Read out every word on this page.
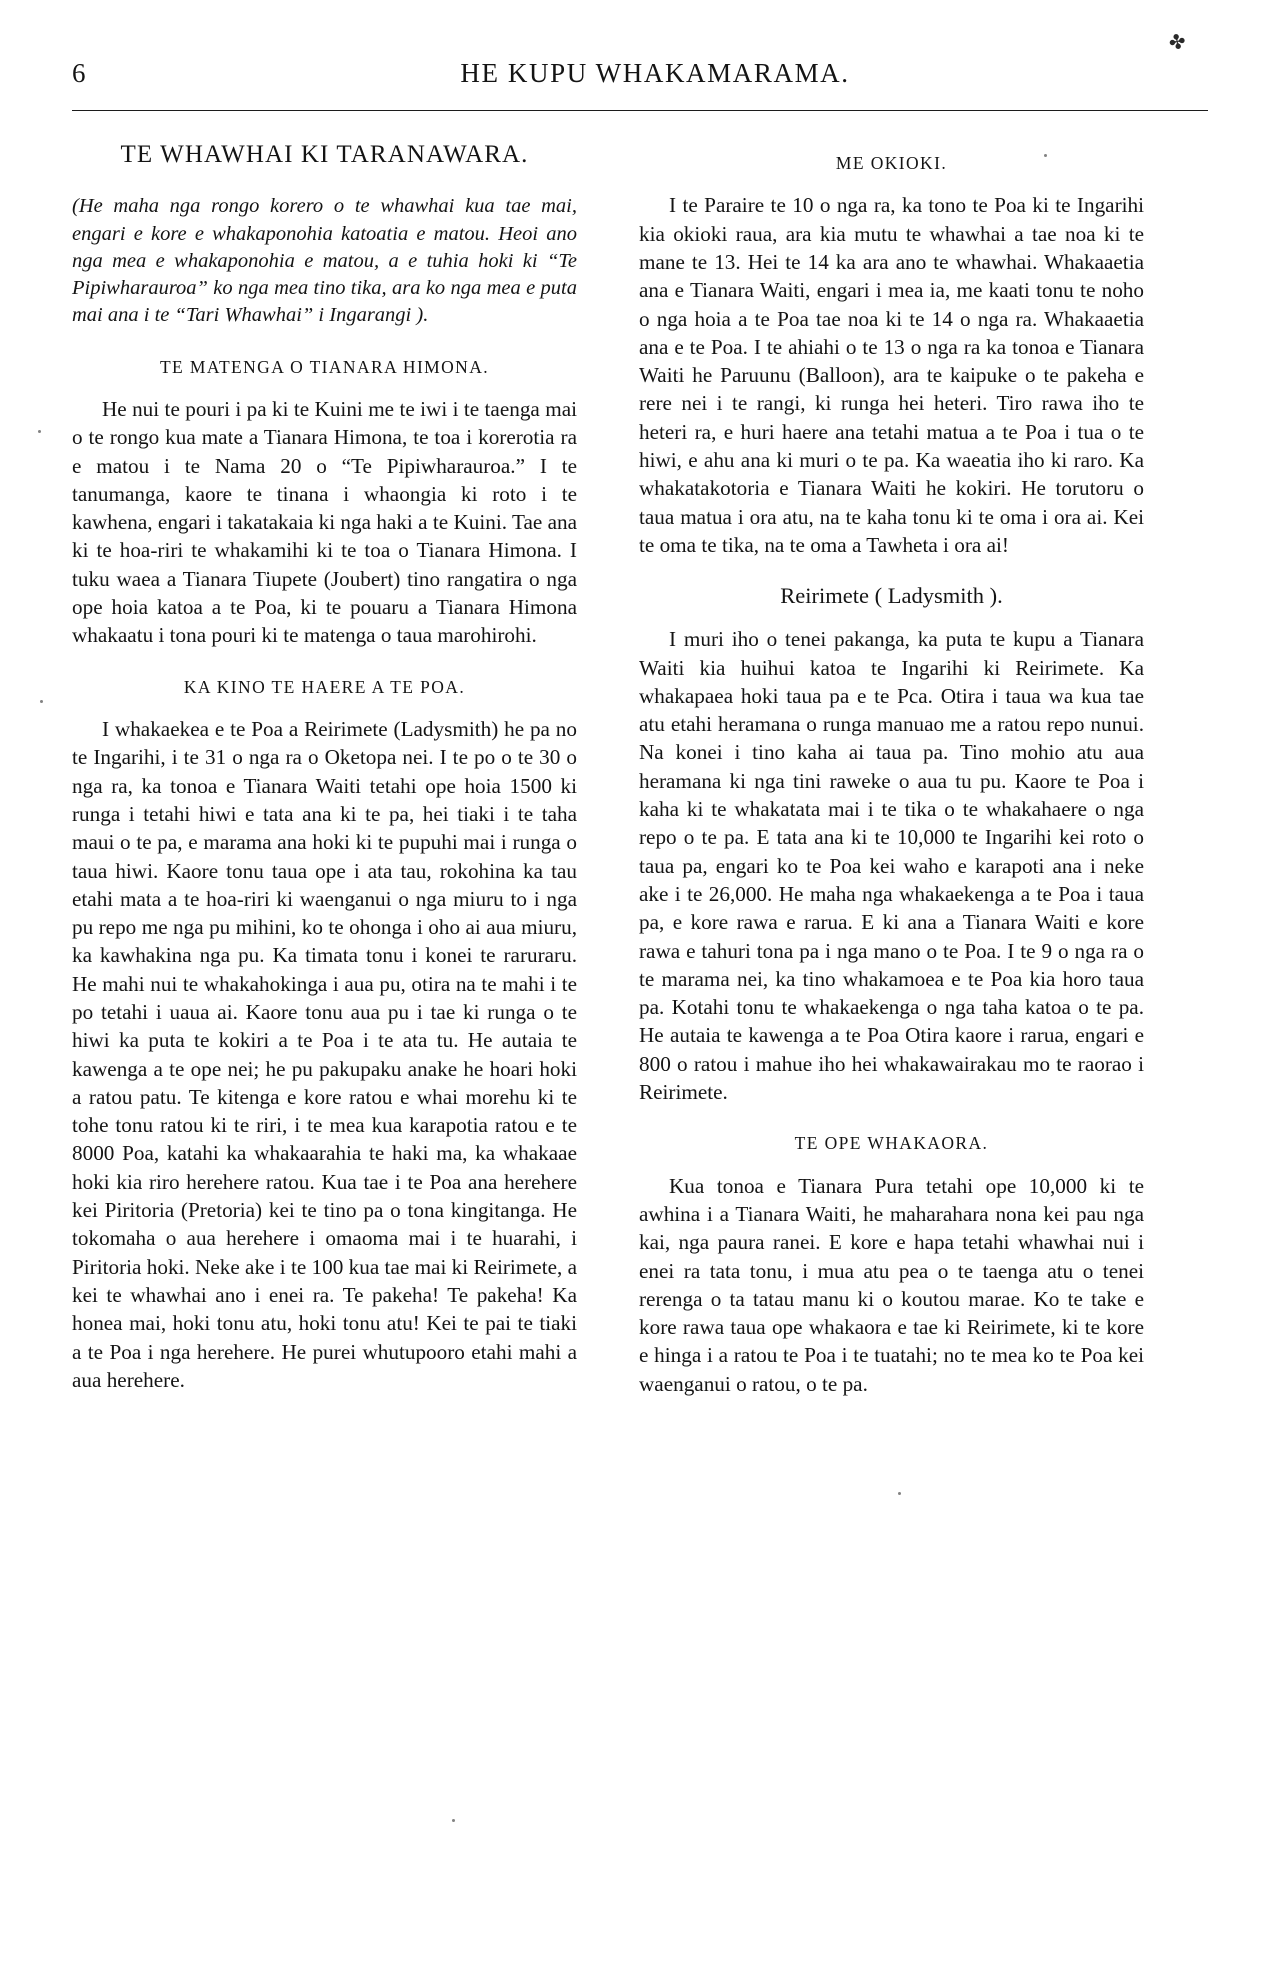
✤
6	HE KUPU WHAKAMARAMA.
TE WHAWHAI KI TARANAWARA.

(He maha nga rongo korero o te whawhai kua tae mai, engari e kore e whakaponohia katoatia e matou. Heoi ano nga mea e whakaponohia e matou, a e tuhia hoki ki “Te Pipiwharauroa” ko nga mea tino tika, ara ko nga mea e puta mai ana i te “Tari Whawhai” i Ingarangi ).

TE MATENGA O TIANARA HIMONA.

He nui te pouri i pa ki te Kuini me te iwi i te taenga mai o te rongo kua mate a Tianara Himona, te toa i korerotia ra e matou i te Nama 20 o “Te Pipiwharauroa.” I te tanumanga, kaore te tinana i whaongia ki roto i te kawhena, engari i takatakaia ki nga haki a te Kuini. Tae ana ki te hoa-riri te whakamihi ki te toa o Tianara Himona. I tuku waea a Tianara Tiupete (Joubert) tino rangatira o nga ope hoia katoa a te Poa, ki te pouaru a Tianara Himona whakaatu i tona pouri ki te matenga o taua marohirohi.

KA KINO TE HAERE A TE POA.

I whakaekea e te Poa a Reirimete (Ladysmith) he pa no te Ingarihi, i te 31 o nga ra o Oketopa nei. I te po o te 30 o nga ra, ka tonoa e Tianara Waiti tetahi ope hoia 1500 ki runga i tetahi hiwi e tata ana ki te pa, hei tiaki i te taha maui o te pa, e marama ana hoki ki te pupuhi mai i runga o taua hiwi. Kaore tonu taua ope i ata tau, rokohina ka tau etahi mata a te hoa-riri ki waenganui o nga miuru to i nga pu repo me nga pu mihini, ko te ohonga i oho ai aua miuru, ka kawhakina nga pu. Ka timata tonu i konei te raruraru. He mahi nui te whakahokinga i aua pu, otira na te mahi i te po tetahi i uaua ai. Kaore tonu aua pu i tae ki runga o te hiwi ka puta te kokiri a te Poa i te ata tu. He autaia te kawenga a te ope nei; he pu pakupaku anake he hoari hoki a ratou patu. Te kitenga e kore ratou e whai morehu ki te tohe tonu ratou ki te riri, i te mea kua karapotia ratou e te 8000 Poa, katahi ka whakaarahia te haki ma, ka whakaae hoki kia riro herehere ratou. Kua tae i te Poa ana herehere kei Piritoria (Pretoria) kei te tino pa o tona kingitanga. He tokomaha o aua herehere i omaoma mai i te huarahi, i Piritoria hoki. Neke ake i te 100 kua tae mai ki Reirimete, a kei te whawhai ano i enei ra. Te pakeha! Te pakeha! Ka honea mai, hoki tonu atu, hoki tonu atu! Kei te pai te tiaki a te Poa i nga herehere. He purei whutupooro etahi mahi a aua herehere.

ME OKIOKI.

I te Paraire te 10 o nga ra, ka tono te Poa ki te Ingarihi kia okioki raua, ara kia mutu te whawhai a tae noa ki te mane te 13. Hei te 14 ka ara ano te whawhai. Whakaaetia ana e Tianara Waiti, engari i mea ia, me kaati tonu te noho o nga hoia a te Poa tae noa ki te 14 o nga ra. Whakaaetia ana e te Poa. I te ahiahi o te 13 o nga ra ka tonoa e Tianara Waiti he Paruunu (Balloon), ara te kaipuke o te pakeha e rere nei i te rangi, ki runga hei heteri. Tiro rawa iho te heteri ra, e huri haere ana tetahi matua a te Poa i tua o te hiwi, e ahu ana ki muri o te pa. Ka waeatia iho ki raro. Ka whakatakotoria e Tianara Waiti he kokiri. He torutoru o taua matua i ora atu, na te kaha tonu ki te oma i ora ai. Kei te oma te tika, na te oma a Tawheta i ora ai!

Reirimete ( Ladysmith ).

I muri iho o tenei pakanga, ka puta te kupu a Tianara Waiti kia huihui katoa te Ingarihi ki Reirimete. Ka whakapaea hoki taua pa e te Pca. Otira i taua wa kua tae atu etahi heramana o runga manuao me a ratou repo nunui. Na konei i tino kaha ai taua pa. Tino mohio atu aua heramana ki nga tini raweke o aua tu pu. Kaore te Poa i kaha ki te whakatata mai i te tika o te whakahaere o nga repo o te pa. E tata ana ki te 10,000 te Ingarihi kei roto o taua pa, engari ko te Poa kei waho e karapoti ana i neke ake i te 26,000. He maha nga whakaekenga a te Poa i taua pa, e kore rawa e rarua. E ki ana a Tianara Waiti e kore rawa e tahuri tona pa i nga mano o te Poa. I te 9 o nga ra o te marama nei, ka tino whakamoea e te Poa kia horo taua pa. Kotahi tonu te whakaekenga o nga taha katoa o te pa. He autaia te kawenga a te Poa Otira kaore i rarua, engari e 800 o ratou i mahue iho hei whakawairakau mo te raorao i Reirimete.

TE OPE WHAKAORA.

Kua tonoa e Tianara Pura tetahi ope 10,000 ki te awhina i a Tianara Waiti, he maharahara nona kei pau nga kai, nga paura ranei. E kore e hapa tetahi whawhai nui i enei ra tata tonu, i mua atu pea o te taenga atu o tenei rerenga o ta tatau manu ki o koutou marae. Ko te take e kore rawa taua ope whakaora e tae ki Reirimete, ki te kore e hinga i a ratou te Poa i te tuatahi; no te mea ko te Poa kei waenganui o ratou, o te pa.
